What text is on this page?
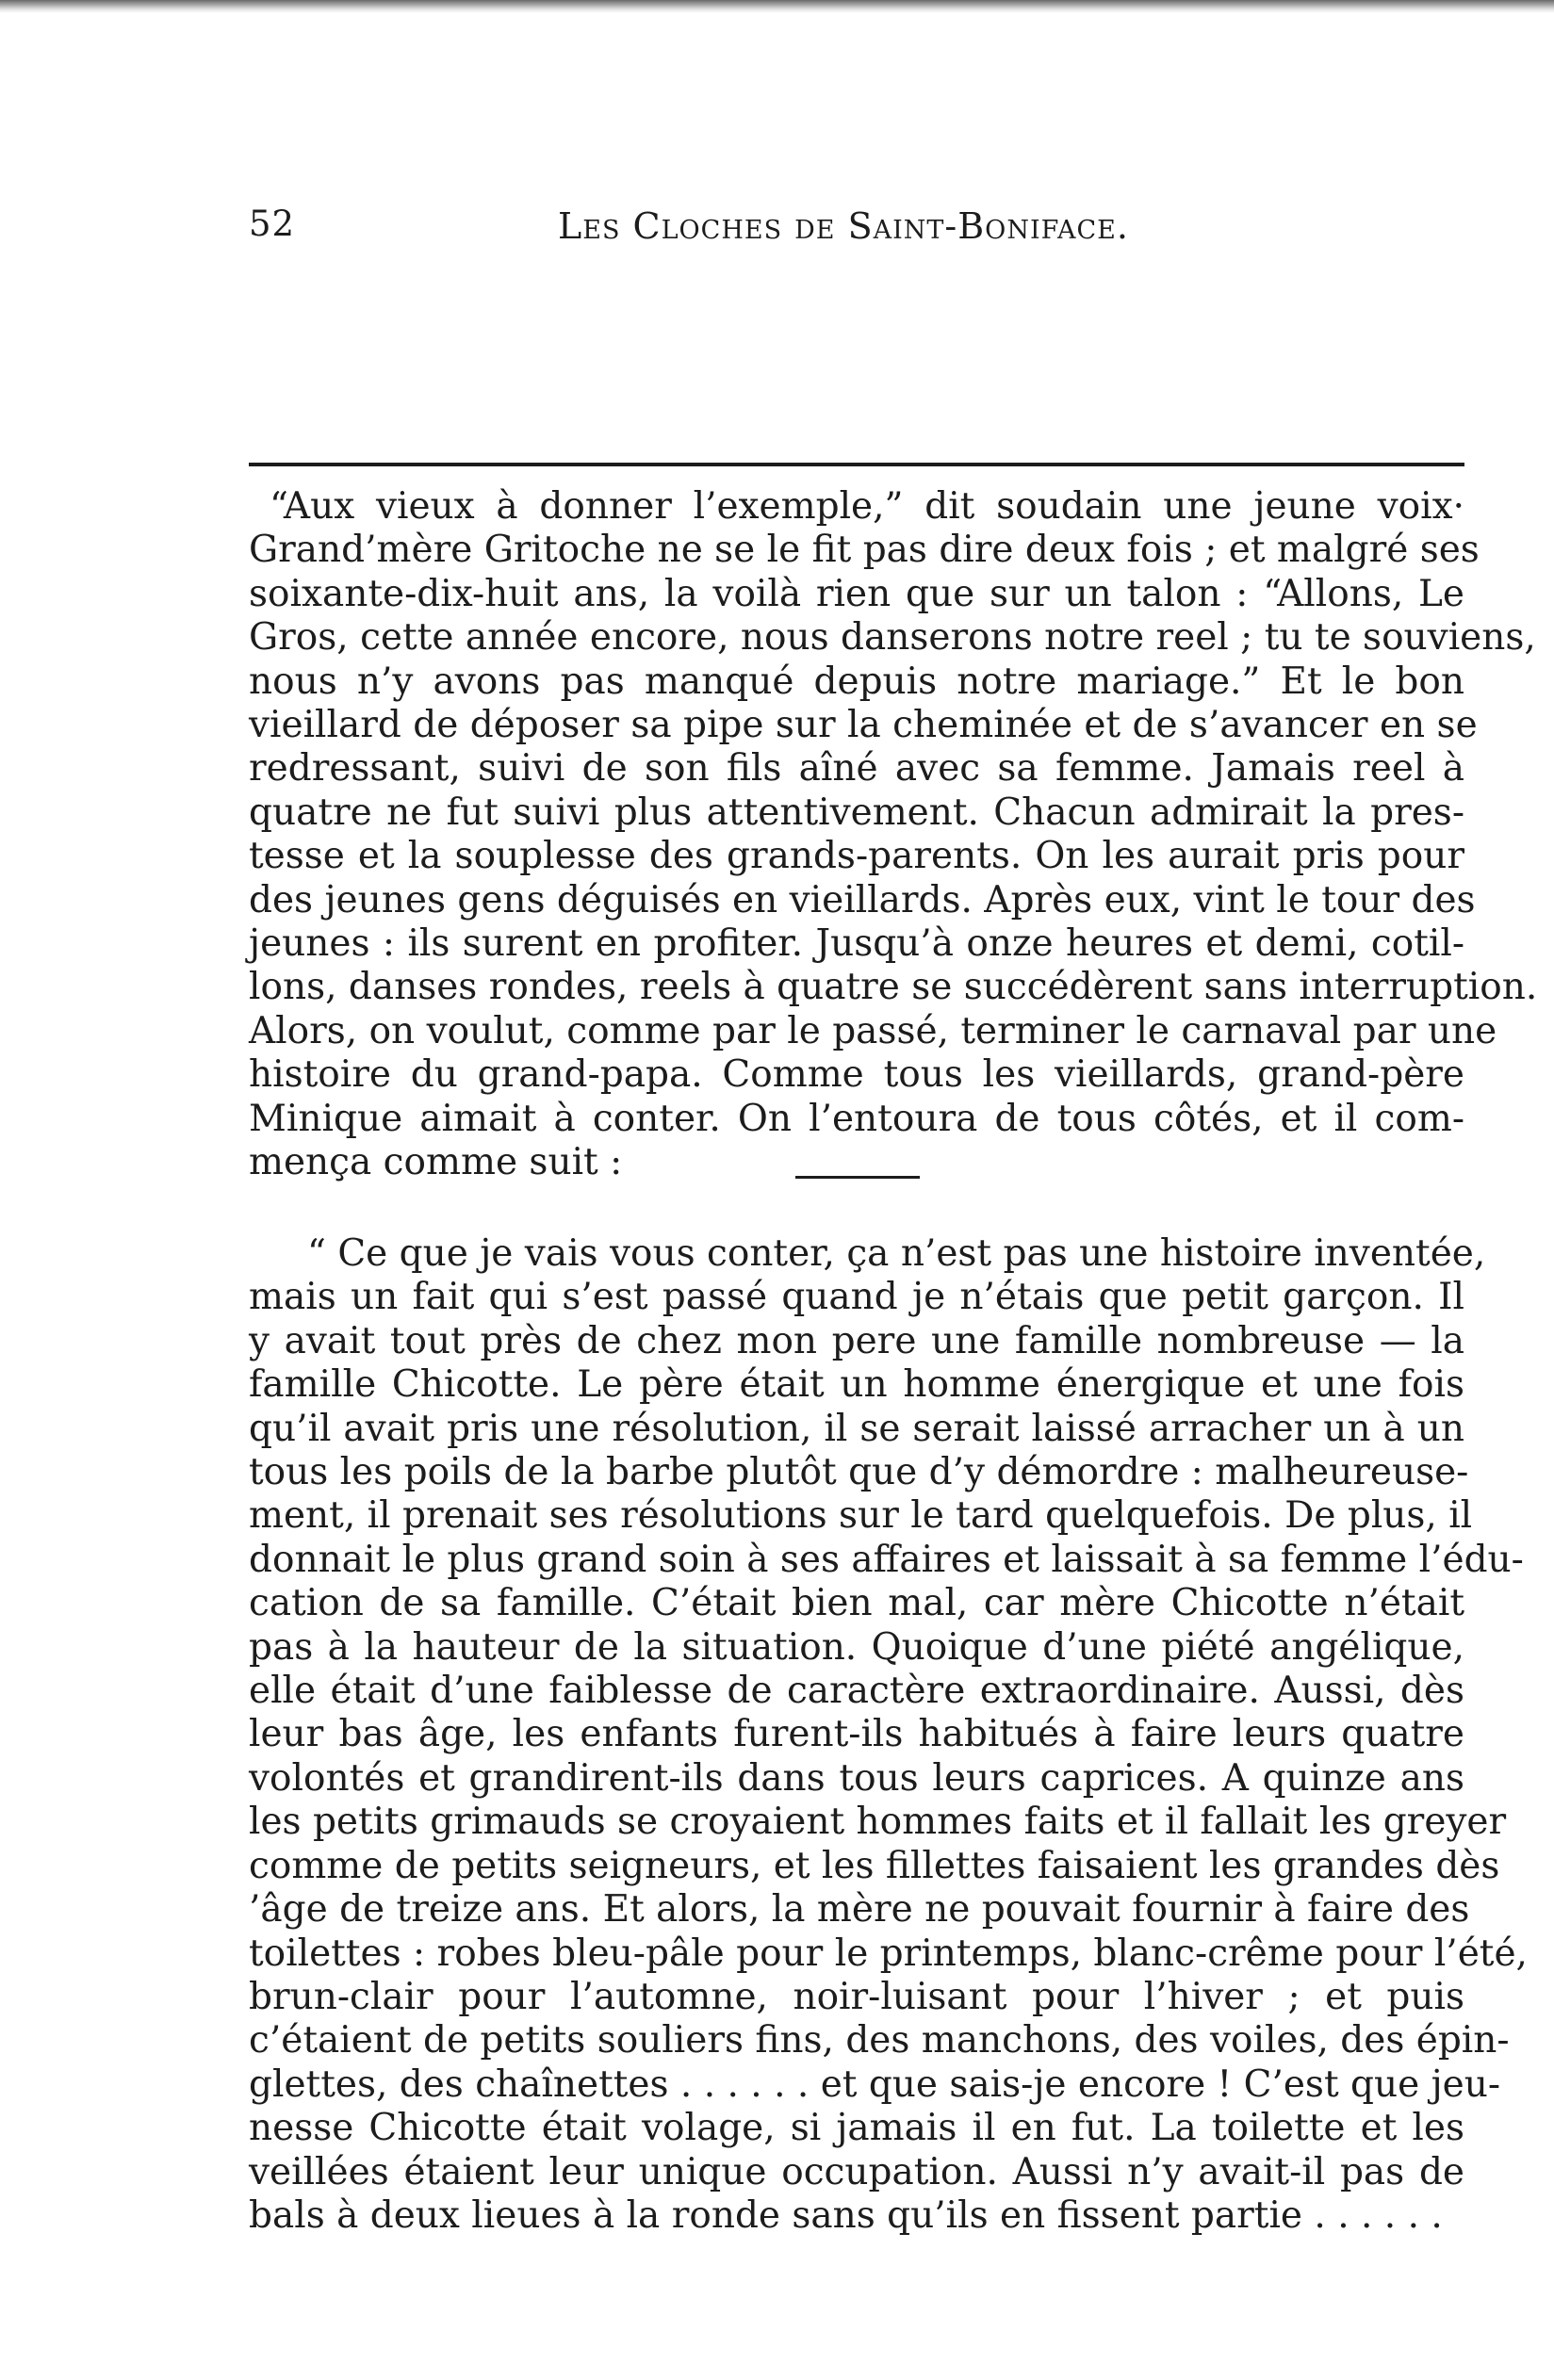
52	Les Cloches de Saint-Boniface.
“Aux vieux à donner l’exemple,” dit soudain une jeune voix·
Grand’mère Gritoche ne se le fit pas dire deux fois ; et malgré ses
soixante-dix-huit ans, la voilà rien que sur un talon : “Allons, Le
Gros, cette année encore, nous danserons notre reel ; tu te souviens,
nous n’y avons pas manqué depuis notre mariage.” Et le bon
vieillard de déposer sa pipe sur la cheminée et de s’avancer en se
redressant, suivi de son fils aîné avec sa femme. Jamais reel à
quatre ne fut suivi plus attentivement. Chacun admirait la pres-
tesse et la souplesse des grands-parents. On les aurait pris pour
des jeunes gens déguisés en vieillards. Après eux, vint le tour des
jeunes : ils surent en profiter. Jusqu’à onze heures et demi, cotil-
lons, danses rondes, reels à quatre se succédèrent sans interruption.
Alors, on voulut, comme par le passé, terminer le carnaval par une
histoire du grand-papa. Comme tous les vieillards, grand-père
Minique aimait à conter. On l’entoura de tous côtés, et il com-
mença comme suit :
“ Ce que je vais vous conter, ça n’est pas une histoire inventée,
mais un fait qui s’est passé quand je n’étais que petit garçon. Il
y avait tout près de chez mon pere une famille nombreuse — la
famille Chicotte. Le père était un homme énergique et une fois
qu’il avait pris une résolution, il se serait laissé arracher un à un
tous les poils de la barbe plutôt que d’y démordre : malheureuse-
ment, il prenait ses résolutions sur le tard quelquefois. De plus, il
donnait le plus grand soin à ses affaires et laissait à sa femme l’édu-
cation de sa famille. C’était bien mal, car mère Chicotte n’était
pas à la hauteur de la situation. Quoique d’une piété angélique,
elle était d’une faiblesse de caractère extraordinaire. Aussi, dès
leur bas âge, les enfants furent-ils habitués à faire leurs quatre
volontés et grandirent-ils dans tous leurs caprices. A quinze ans
les petits grimauds se croyaient hommes faits et il fallait les greyer
comme de petits seigneurs, et les fillettes faisaient les grandes dès
’âge de treize ans. Et alors, la mère ne pouvait fournir à faire des
toilettes : robes bleu-pâle pour le printemps, blanc-crême pour l’été,
brun-clair pour l’automne, noir-luisant pour l’hiver ; et puis
c’étaient de petits souliers fins, des manchons, des voiles, des épin-
glettes, des chaînettes . . . . . . et que sais-je encore ! C’est que jeu-
nesse Chicotte était volage, si jamais il en fut. La toilette et les
veillées étaient leur unique occupation. Aussi n’y avait-il pas de
bals à deux lieues à la ronde sans qu’ils en fissent partie . . . . . .
